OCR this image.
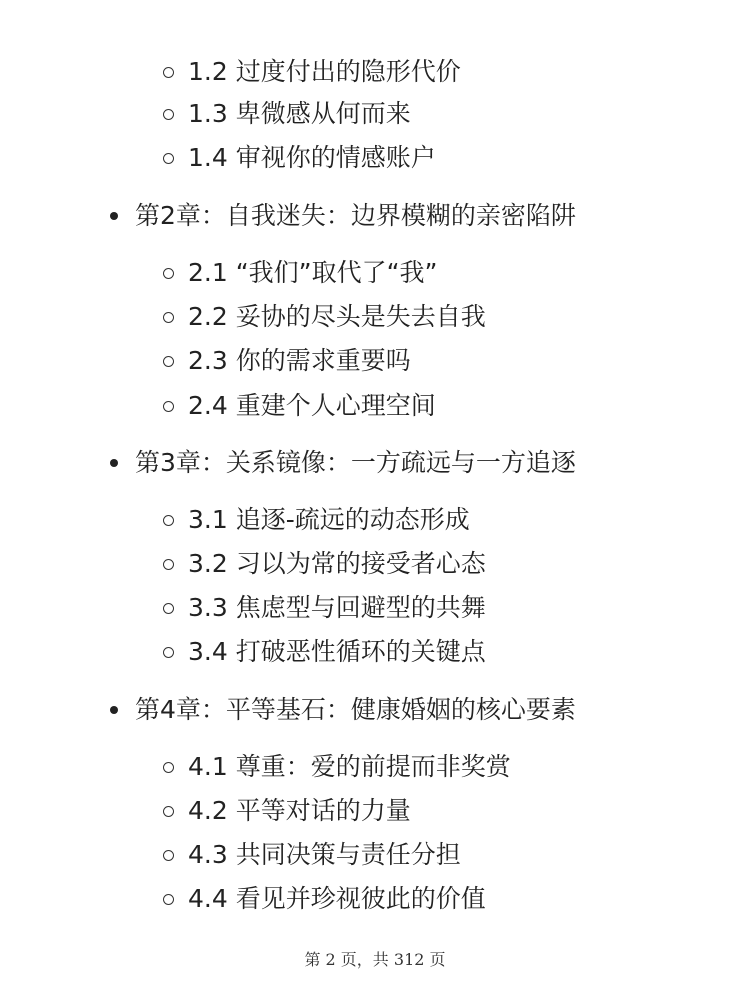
1.2 过度付出的隐形代价
1.3 卑微感从何而来
1.4 审视你的情感账户
第2章：自我迷失：边界模糊的亲密陷阱
2.1 “我们”取代了“我”
2.2 妥协的尽头是失去自我
2.3 你的需求重要吗
2.4 重建个人心理空间
第3章：关系镜像：一方疏远与一方追逐
3.1 追逐-疏远的动态形成
3.2 习以为常的接受者心态
3.3 焦虑型与回避型的共舞
3.4 打破恶性循环的关键点
第4章：平等基石：健康婚姻的核心要素
4.1 尊重：爱的前提而非奖赏
4.2 平等对话的力量
4.3 共同决策与责任分担
4.4 看见并珍视彼此的价值
第 2 页，共 312 页
